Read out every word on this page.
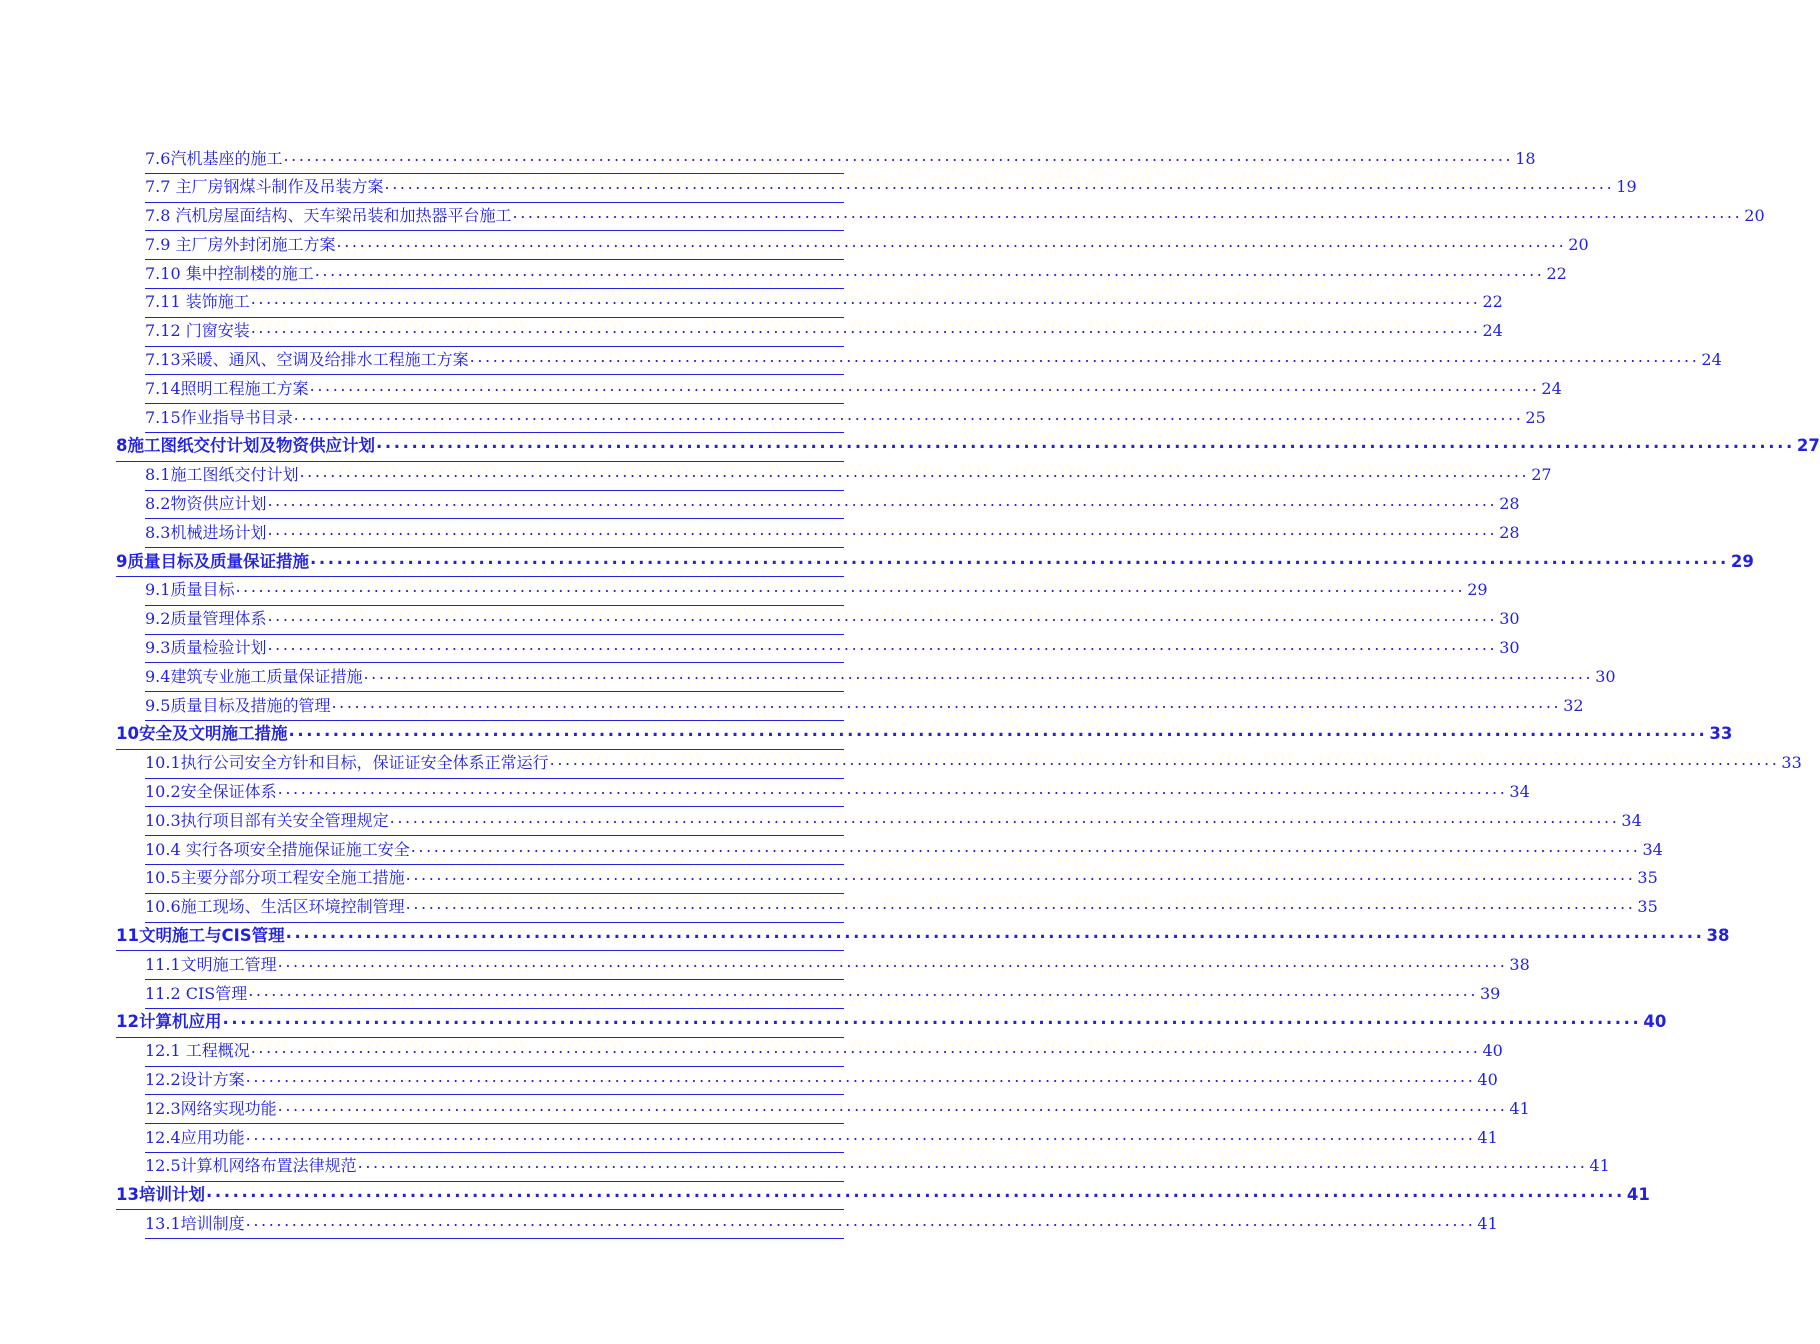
7.6汽机基座的施工 ................................................................................................................................................................ 18
7.7 主厂房钢煤斗制作及吊装方案 ................................................................................................................................................................ 19
7.8 汽机房屋面结构、天车梁吊装和加热器平台施工 ................................................................................................................................................................ 20
7.9 主厂房外封闭施工方案 ................................................................................................................................................................ 20
7.10 集中控制楼的施工 ................................................................................................................................................................ 22
7.11 装饰施工 ................................................................................................................................................................ 22
7.12 门窗安装 ................................................................................................................................................................ 24
7.13采暖、通风、空调及给排水工程施工方案 ................................................................................................................................................................ 24
7.14照明工程施工方案 ................................................................................................................................................................ 24
7.15作业指导书目录 ................................................................................................................................................................ 25
8施工图纸交付计划及物资供应计划 ................................................................................................................................................................ 27
8.1施工图纸交付计划 ................................................................................................................................................................ 27
8.2物资供应计划 ................................................................................................................................................................ 28
8.3机械进场计划 ................................................................................................................................................................ 28
9质量目标及质量保证措施 ................................................................................................................................................................ 29
9.1质量目标 ................................................................................................................................................................ 29
9.2质量管理体系 ................................................................................................................................................................ 30
9.3质量检验计划 ................................................................................................................................................................ 30
9.4建筑专业施工质量保证措施 ................................................................................................................................................................ 30
9.5质量目标及措施的管理 ................................................................................................................................................................ 32
10安全及文明施工措施 ................................................................................................................................................................ 33
10.1执行公司安全方针和目标，保证证安全体系正常运行 ................................................................................................................................................................ 33
10.2安全保证体系 ................................................................................................................................................................ 34
10.3执行项目部有关安全管理规定 ................................................................................................................................................................ 34
10.4 实行各项安全措施保证施工安全 ................................................................................................................................................................ 34
10.5主要分部分项工程安全施工措施 ................................................................................................................................................................ 35
10.6施工现场、生活区环境控制管理 ................................................................................................................................................................ 35
11文明施工与CIS管理 ................................................................................................................................................................ 38
11.1文明施工管理 ................................................................................................................................................................ 38
11.2 CIS管理 ................................................................................................................................................................ 39
12计算机应用 ................................................................................................................................................................ 40
12.1 工程概况 ................................................................................................................................................................ 40
12.2设计方案 ................................................................................................................................................................ 40
12.3网络实现功能 ................................................................................................................................................................ 41
12.4应用功能 ................................................................................................................................................................ 41
12.5计算机网络布置法律规范 ................................................................................................................................................................ 41
13培训计划 ................................................................................................................................................................ 41
13.1培训制度 ................................................................................................................................................................ 41
